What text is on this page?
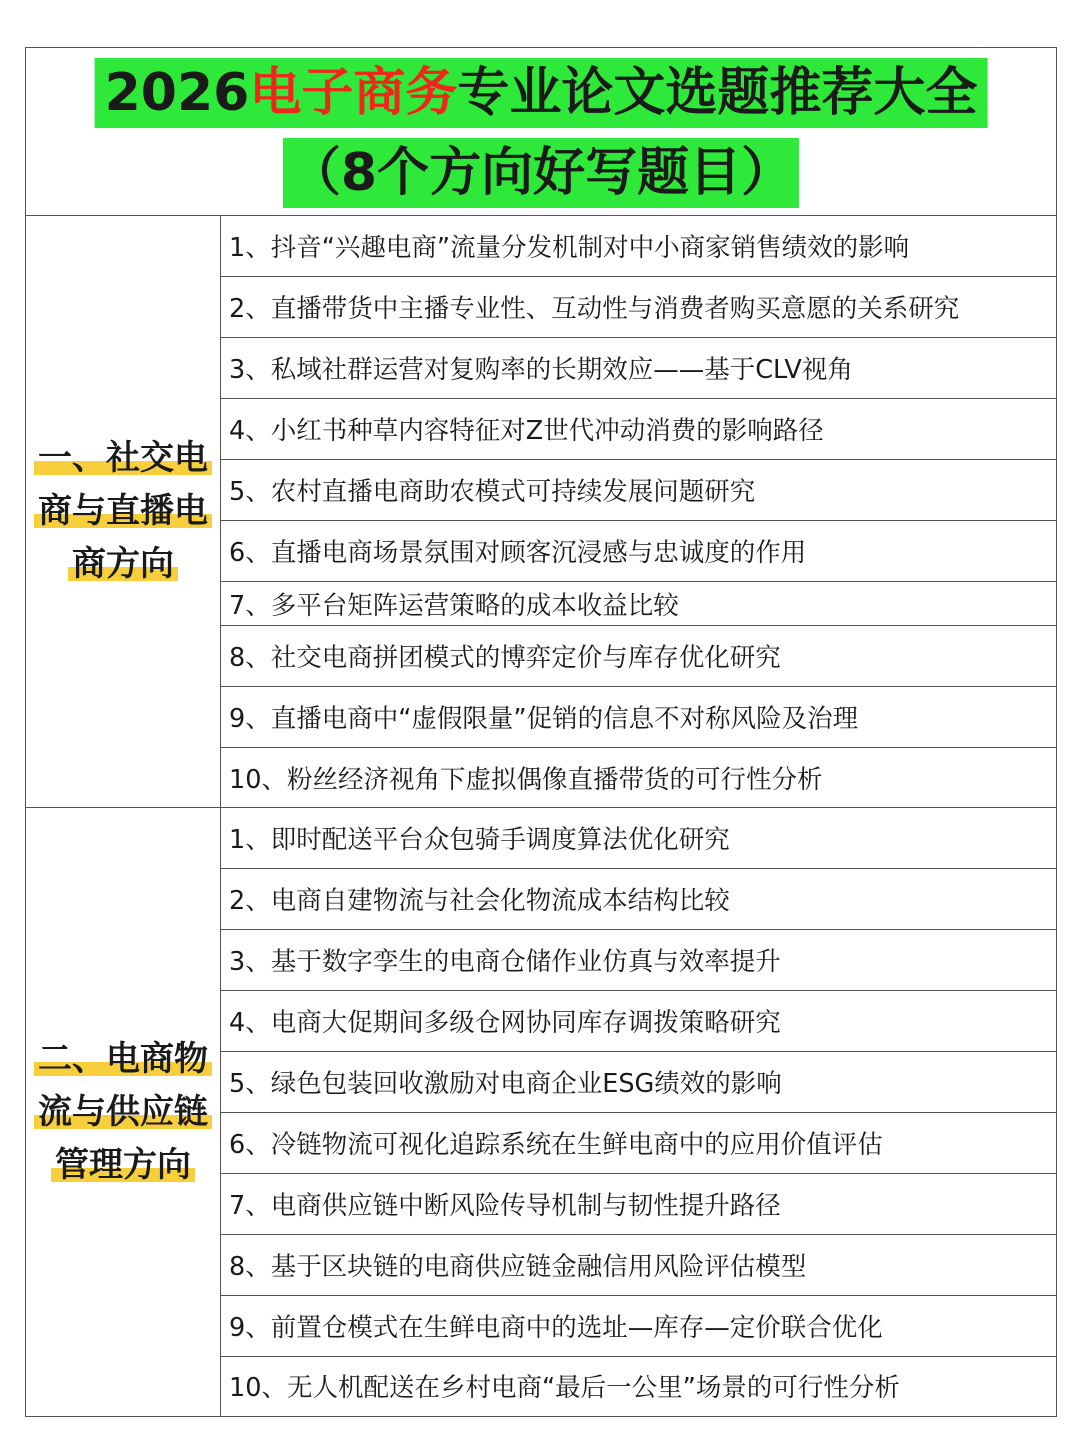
2026电子商务专业论文选题推荐大全
（8个方向好写题目）
一、社交电
商与直播电
商方向
1、抖音“兴趣电商”流量分发机制对中小商家销售绩效的影响
2、直播带货中主播专业性、互动性与消费者购买意愿的关系研究
3、私域社群运营对复购率的长期效应——基于CLV视角
4、小红书种草内容特征对Z世代冲动消费的影响路径
5、农村直播电商助农模式可持续发展问题研究
6、直播电商场景氛围对顾客沉浸感与忠诚度的作用
7、多平台矩阵运营策略的成本收益比较
8、社交电商拼团模式的博弈定价与库存优化研究
9、直播电商中“虚假限量”促销的信息不对称风险及治理
10、粉丝经济视角下虚拟偶像直播带货的可行性分析
二、电商物
流与供应链
管理方向
1、即时配送平台众包骑手调度算法优化研究
2、电商自建物流与社会化物流成本结构比较
3、基于数字孪生的电商仓储作业仿真与效率提升
4、电商大促期间多级仓网协同库存调拨策略研究
5、绿色包装回收激励对电商企业ESG绩效的影响
6、冷链物流可视化追踪系统在生鲜电商中的应用价值评估
7、电商供应链中断风险传导机制与韧性提升路径
8、基于区块链的电商供应链金融信用风险评估模型
9、前置仓模式在生鲜电商中的选址—库存—定价联合优化
10、无人机配送在乡村电商“最后一公里”场景的可行性分析
